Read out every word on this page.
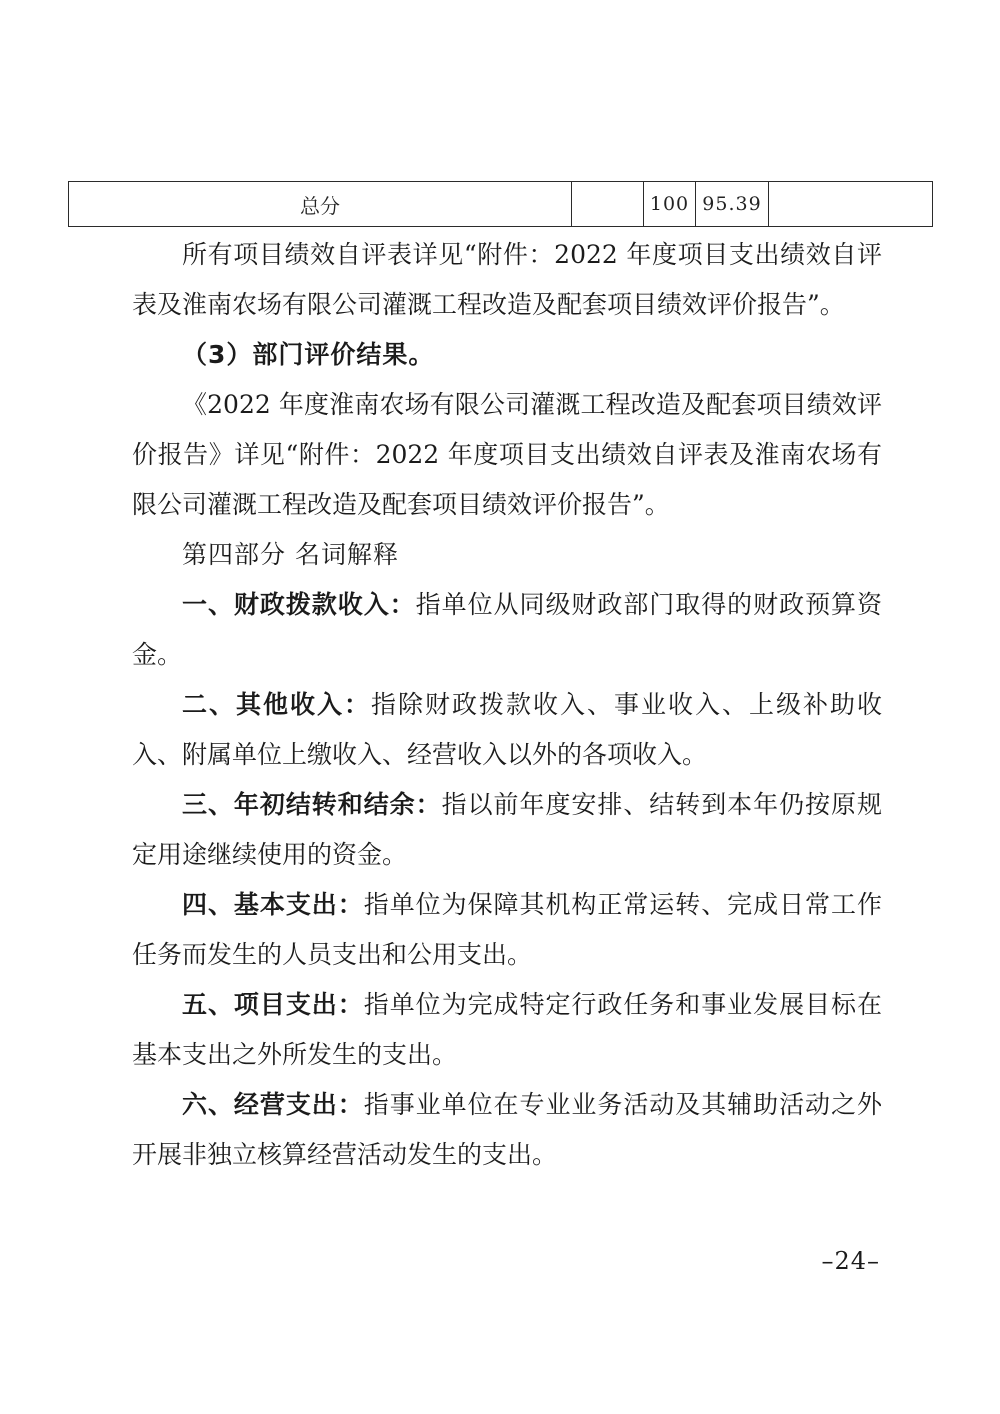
总分		100	95.39	

所有项目绩效自评表详见“附件：2022 年度项目支出绩效自评表及淮南农场有限公司灌溉工程改造及配套项目绩效评价报告”。

（3）部门评价结果。

《2022 年度淮南农场有限公司灌溉工程改造及配套项目绩效评价报告》详见“附件：2022 年度项目支出绩效自评表及淮南农场有限公司灌溉工程改造及配套项目绩效评价报告”。

第四部分 名词解释

一、财政拨款收入：指单位从同级财政部门取得的财政预算资金。

二、其他收入：指除财政拨款收入、事业收入、上级补助收入、附属单位上缴收入、经营收入以外的各项收入。

三、年初结转和结余：指以前年度安排、结转到本年仍按原规定用途继续使用的资金。

四、基本支出：指单位为保障其机构正常运转、完成日常工作任务而发生的人员支出和公用支出。

五、项目支出：指单位为完成特定行政任务和事业发展目标在基本支出之外所发生的支出。

六、经营支出：指事业单位在专业业务活动及其辅助活动之外开展非独立核算经营活动发生的支出。

–24–
